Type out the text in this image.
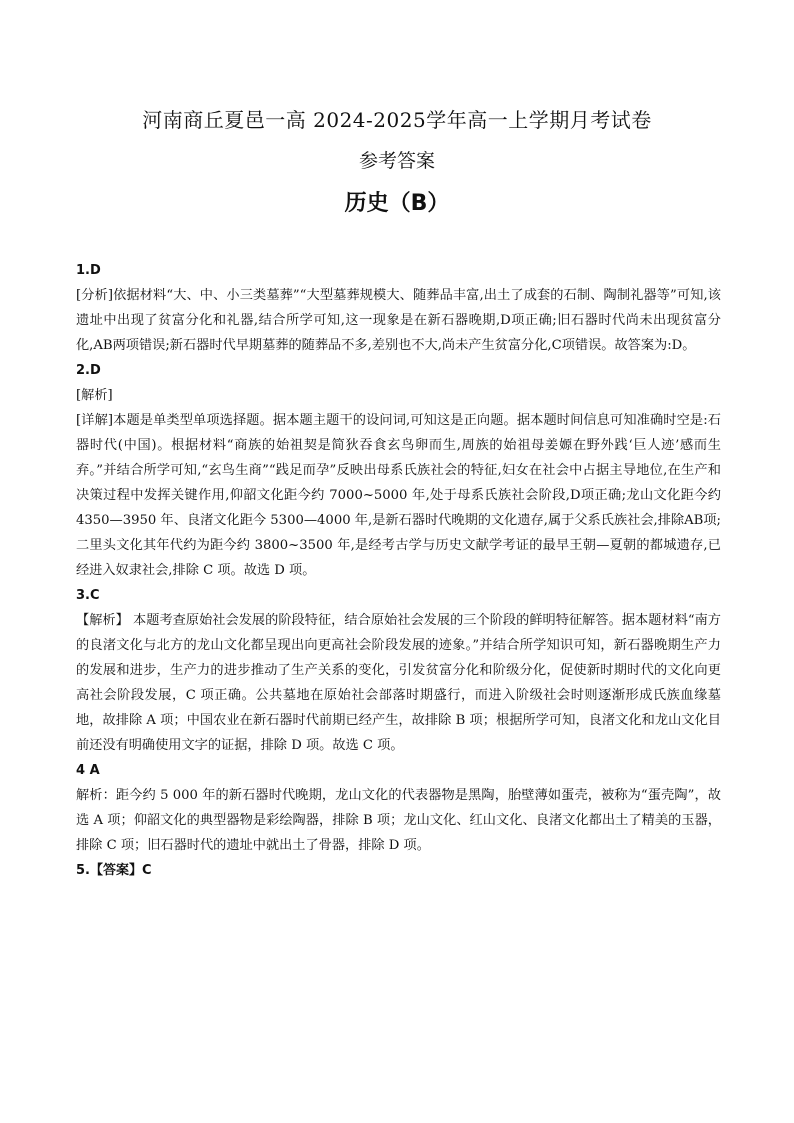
河南商丘夏邑一高 2024-2025学年高一上学期月考试卷
参考答案
历史（B）

1.D

[分析]依据材料“大、中、小三类墓葬”“大型墓葬规模大、随葬品丰富,出土了成套的石制、陶制礼器等”可知,该遗址中出现了贫富分化和礼器,结合所学可知,这一现象是在新石器晚期,D项正确;旧石器时代尚未出现贫富分化,AB两项错误;新石器时代早期墓葬的随葬品不多,差别也不大,尚未产生贫富分化,C项错误。故答案为:D。

2.D

[解析]

[详解]本题是单类型单项选择题。据本题主题干的设问词,可知这是正向题。据本题时间信息可知准确时空是:石器时代(中国)。根据材料“商族的始祖契是简狄吞食玄鸟卵而生,周族的始祖母姜嫄在野外践‘巨人迹’感而生弃。”并结合所学可知,“玄鸟生商”“践足而孕”反映出母系氏族社会的特征,妇女在社会中占据主导地位,在生产和决策过程中发挥关键作用,仰韶文化距今约 7000~5000 年,处于母系氏族社会阶段,D项正确;龙山文化距今约 4350—3950 年、良渚文化距今 5300—4000 年,是新石器时代晚期的文化遗存,属于父系氏族社会,排除AB项;二里头文化其年代约为距今约 3800~3500 年,是经考古学与历史文献学考证的最早王朝—夏朝的都城遗存,已经进入奴隶社会,排除 C 项。故选 D 项。

3.C

【解析】 本题考查原始社会发展的阶段特征，结合原始社会发展的三个阶段的鲜明特征解答。据本题材料“南方的良渚文化与北方的龙山文化都呈现出向更高社会阶段发展的迹象。”并结合所学知识可知，新石器晚期生产力的发展和进步，生产力的进步推动了生产关系的变化，引发贫富分化和阶级分化，促使新时期时代的文化向更高社会阶段发展，C 项正确。公共墓地在原始社会部落时期盛行，而进入阶级社会时则逐渐形成氏族血缘墓地，故排除 A 项；中国农业在新石器时代前期已经产生，故排除 B 项；根据所学可知，良渚文化和龙山文化目前还没有明确使用文字的证据，排除 D 项。故选 C 项。

4 A

解析：距今约 5 000 年的新石器时代晚期，龙山文化的代表器物是黑陶，胎壁薄如蛋壳，被称为“蛋壳陶”，故选 A 项；仰韶文化的典型器物是彩绘陶器，排除 B 项；龙山文化、红山文化、良渚文化都出土了精美的玉器，排除 C 项；旧石器时代的遗址中就出土了骨器，排除 D 项。

5.【答案】C
